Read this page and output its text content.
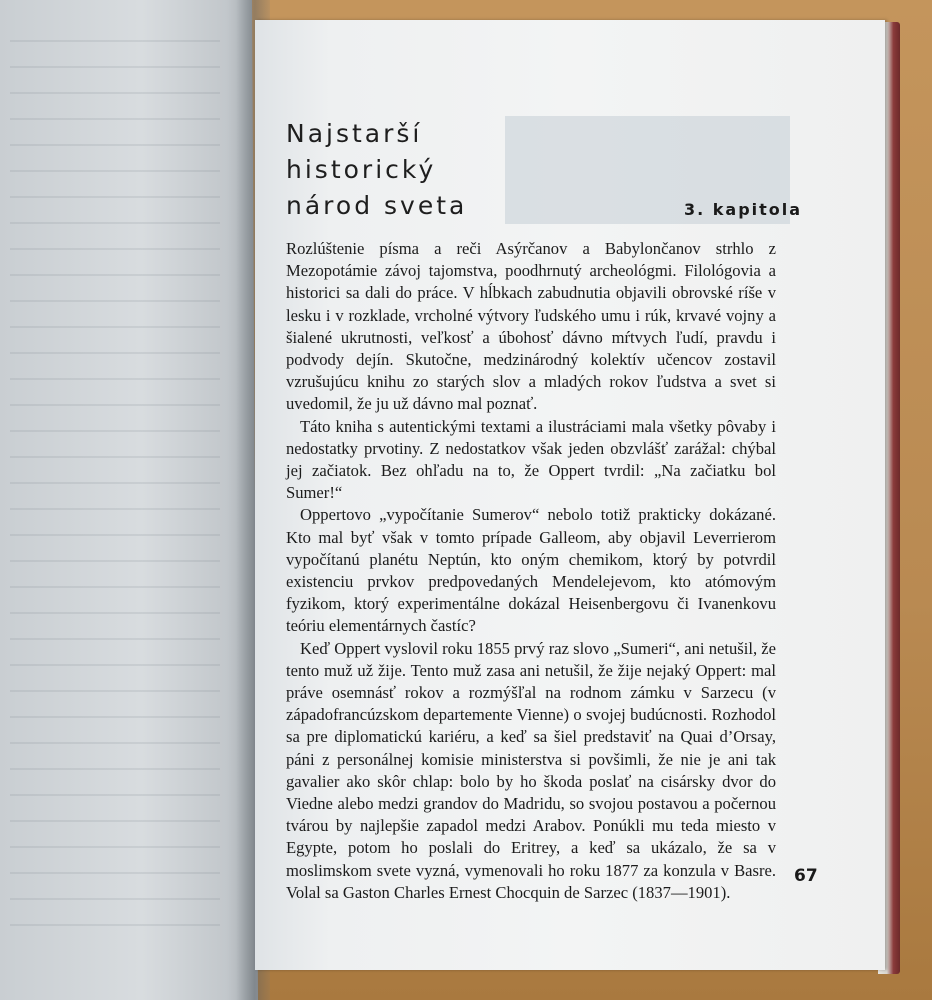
Najstarší
historický
národ sveta	3. kapitola

Rozlúštenie písma a reči Asýrčanov a Babylončanov strhlo z Mezopotámie závoj tajomstva, poodhrnutý archeológmi. Filológovia a historici sa dali do práce. V hĺbkach zabudnutia objavili obrovské ríše v lesku i v rozklade, vrcholné výtvory ľudského umu i rúk, krvavé vojny a šialené ukrutnosti, veľkosť a úbohosť dávno mŕtvych ľudí, pravdu i podvody dejín. Skutočne, medzinárodný kolektív učencov zostavil vzrušujúcu knihu zo starých slov a mladých rokov ľudstva a svet si uvedomil, že ju už dávno mal poznať.

Táto kniha s autentickými textami a ilustráciami mala všetky pôvaby i nedostatky prvotiny. Z nedostatkov však jeden obzvlášť zarážal: chýbal jej začiatok. Bez ohľadu na to, že Oppert tvrdil: „Na začiatku bol Sumer!“

Oppertovo „vypočítanie Sumerov“ nebolo totiž prakticky dokázané. Kto mal byť však v tomto prípade Galleom, aby objavil Leverrierom vypočítanú planétu Neptún, kto oným chemikom, ktorý by potvrdil existenciu prvkov predpovedaných Mendelejevom, kto atómovým fyzikom, ktorý experimentálne dokázal Heisenbergovu či Ivanenkovu teóriu elementárnych častíc?

Keď Oppert vyslovil roku 1855 prvý raz slovo „Sumeri“, ani netušil, že tento muž už žije. Tento muž zasa ani netušil, že žije nejaký Oppert: mal práve osemnásť rokov a rozmýšľal na rodnom zámku v Sarzecu (v západofrancúzskom departemente Vienne) o svojej budúcnosti. Rozhodol sa pre diplomatickú kariéru, a keď sa šiel predstaviť na Quai d’Orsay, páni z personálnej komisie ministerstva si povšimli, že nie je ani tak gavalier ako skôr chlap: bolo by ho škoda poslať na cisársky dvor do Viedne alebo medzi grandov do Madridu, so svojou postavou a počernou tvárou by najlepšie zapadol medzi Arabov. Ponúkli mu teda miesto v Egypte, potom ho poslali do Eritrey, a keď sa ukázalo, že sa v moslimskom svete vyzná, vymenovali ho roku 1877 za konzula v Basre. Volal sa Gaston Charles Ernest Chocquin de Sarzec (1837—1901).

67
